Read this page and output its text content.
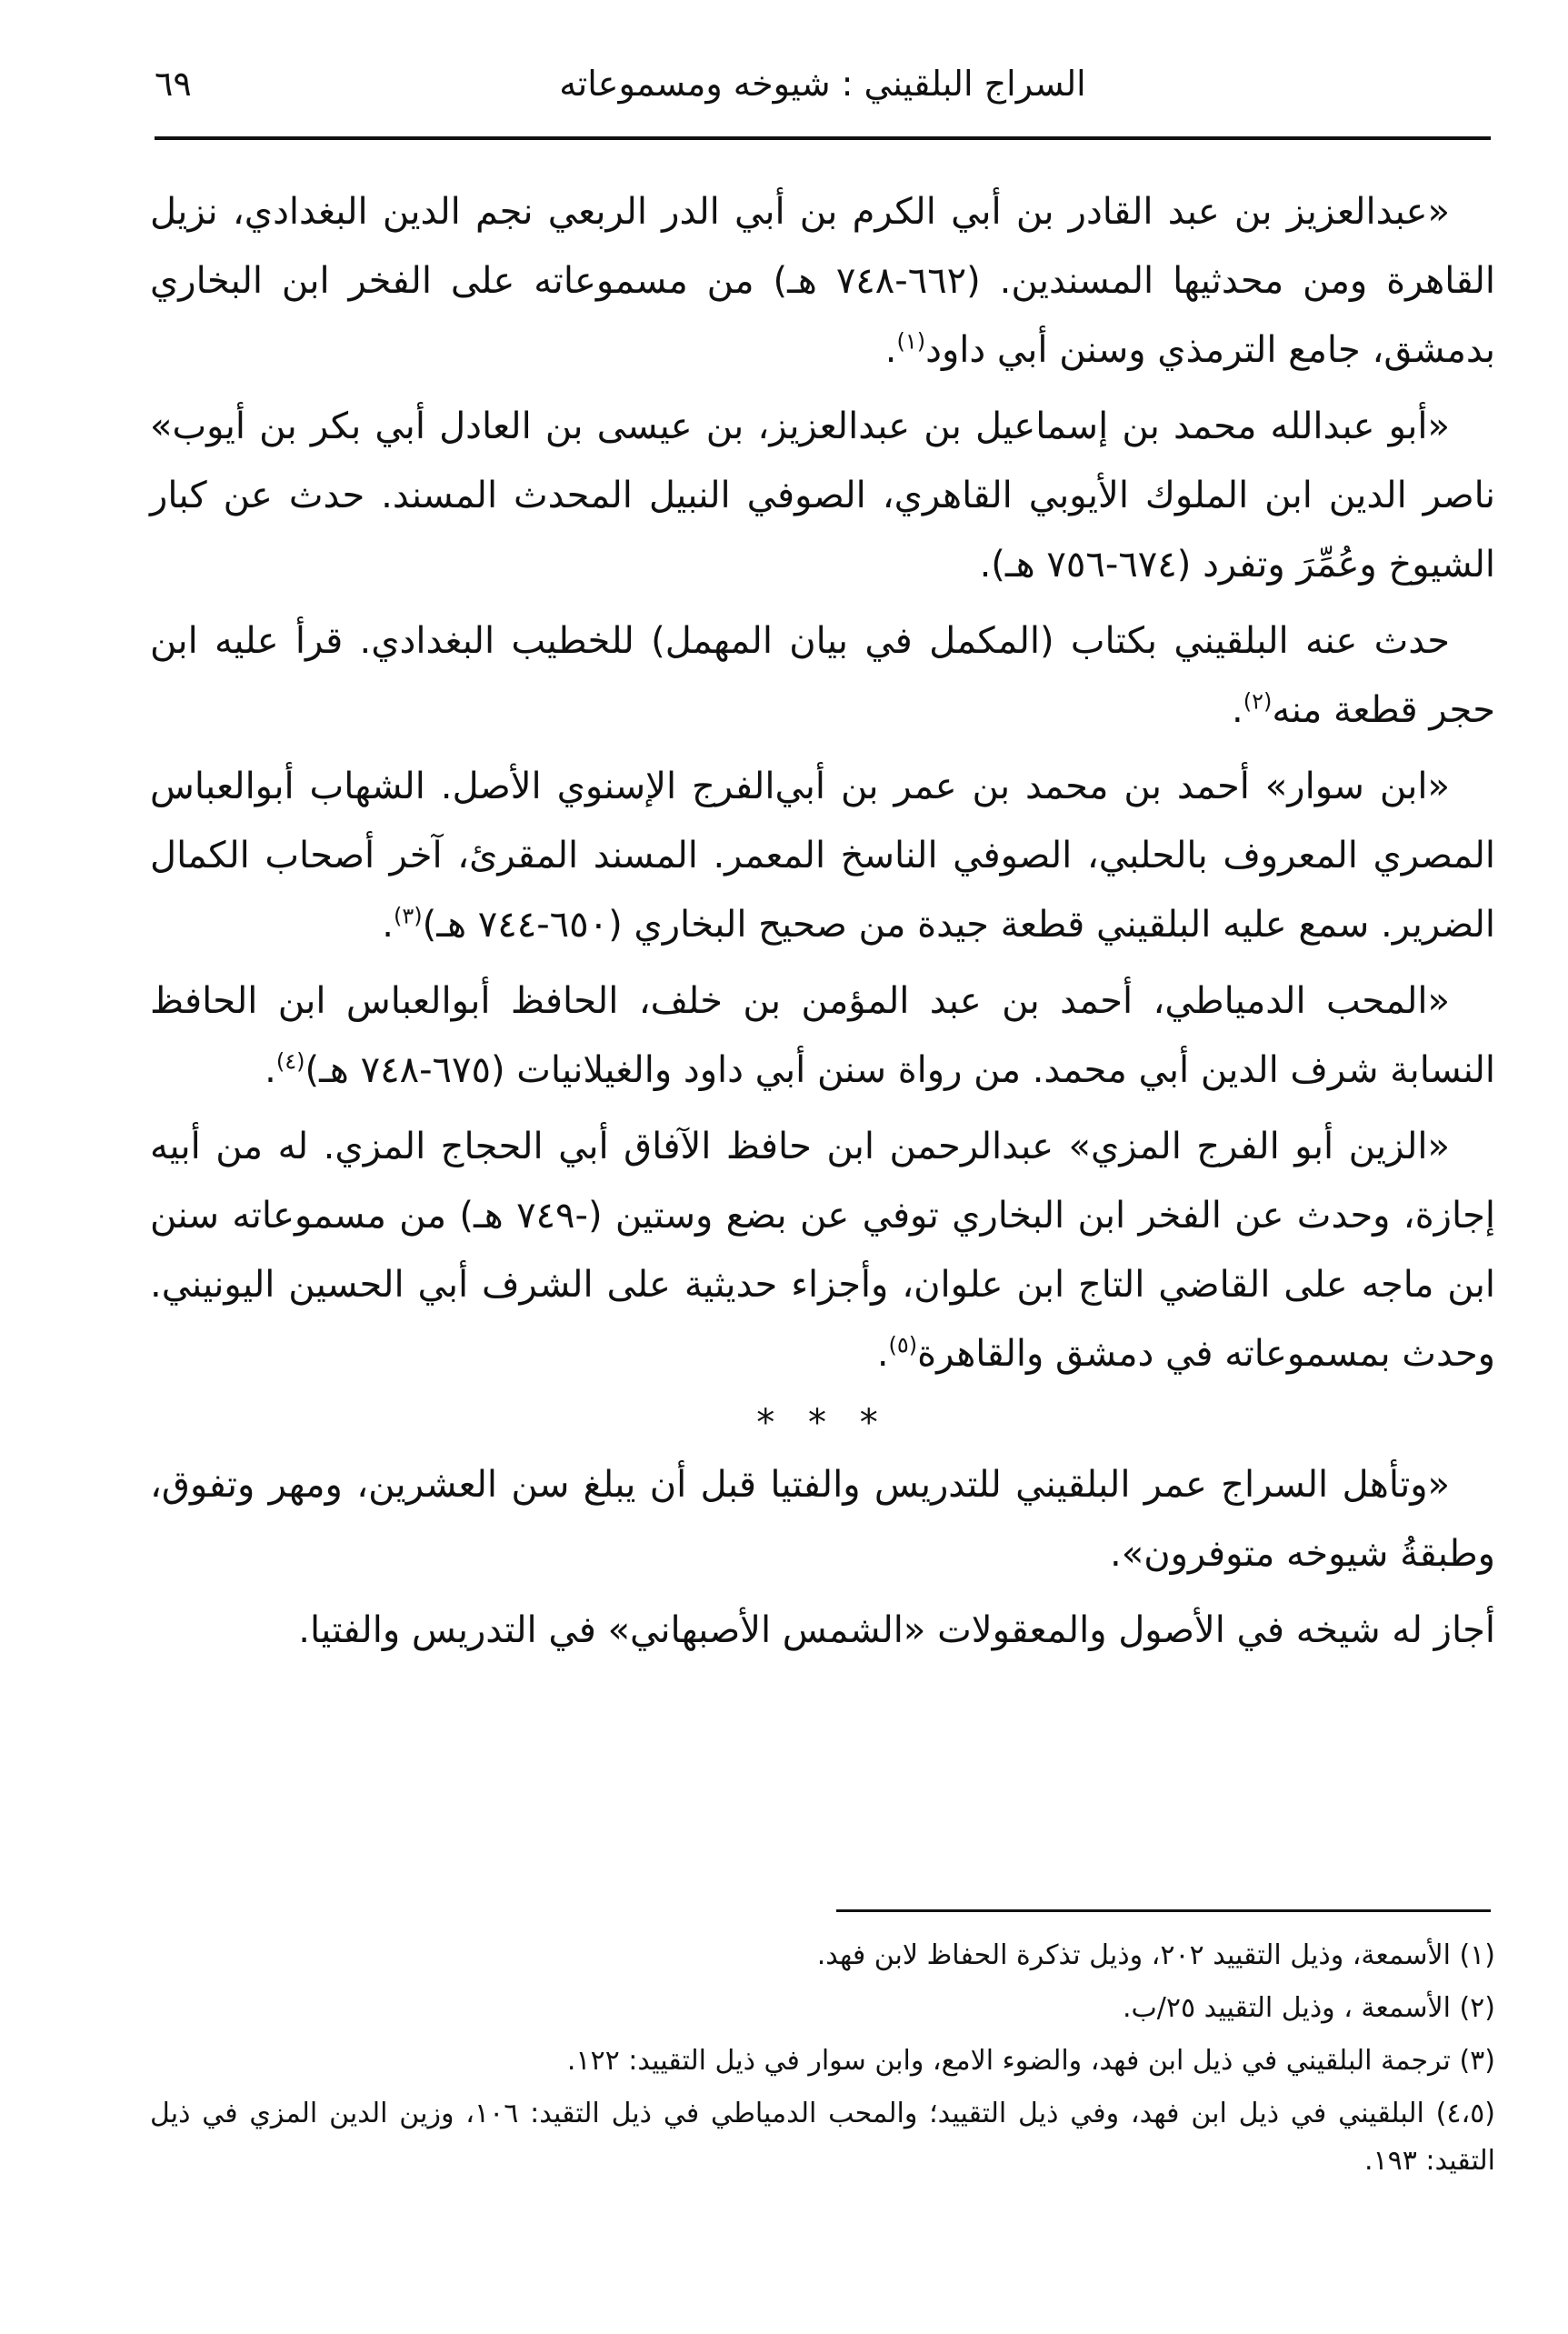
السراج البلقيني : شيوخه ومسموعاته
٦٩

«عبدالعزيز بن عبد القادر بن أبي الكرم بن أبي الدر الربعي نجم الدين البغدادي، نزيل القاهرة ومن محدثيها المسندين. (٦٦٢-٧٤٨ هـ) من مسموعاته على الفخر ابن البخاري بدمشق، جامع الترمذي وسنن أبي داود$^{(١)}$.

«أبو عبدالله محمد بن إسماعيل بن عبدالعزيز، بن عيسى بن العادل أبي بكر بن أيوب» ناصر الدين ابن الملوك الأيوبي القاهري، الصوفي النبيل المحدث المسند. حدث عن كبار الشيوخ وعُمِّرَ وتفرد (٦٧٤-٧٥٦ هـ).

حدث عنه البلقيني بكتاب (المكمل في بيان المهمل) للخطيب البغدادي. قرأ عليه ابن حجر قطعة منه$^{(٢)}$.

«ابن سوار» أحمد بن محمد بن عمر بن أبي‌الفرج الإسنوي الأصل. الشهاب أبوالعباس المصري المعروف بالحلبي، الصوفي الناسخ المعمر. المسند المقرئ، آخر أصحاب الكمال الضرير. سمع عليه البلقيني قطعة جيدة من صحيح البخاري (٦٥٠-٧٤٤ هـ)$^{(٣)}$.

«المحب الدمياطي، أحمد بن عبد المؤمن بن خلف، الحافظ أبوالعباس ابن الحافظ النسابة شرف الدين أبي محمد. من رواة سنن أبي داود والغيلانيات (٦٧٥-٧٤٨ هـ)$^{(٤)}$.

«الزين أبو الفرج المزي» عبدالرحمن ابن حافظ الآفاق أبي الحجاج المزي. له من أبيه إجازة، وحدث عن الفخر ابن البخاري توفي عن بضع وستين (-٧٤٩ هـ) من مسموعاته سنن ابن ماجه على القاضي التاج ابن علوان، وأجزاء حديثية على الشرف أبي الحسين اليونيني. وحدث بمسموعاته في دمشق والقاهرة$^{(٥)}$.

* * *

«وتأهل السراج عمر البلقيني للتدريس والفتيا قبل أن يبلغ سن العشرين، ومهر وتفوق، وطبقةُ شيوخه متوفرون».

أجاز له شيخه في الأصول والمعقولات «الشمس الأصبهاني» في التدريس والفتيا.

(١) الأسمعة، وذيل التقييد ٢٠٢، وذيل تذكرة الحفاظ لابن فهد.

(٢) الأسمعة ، وذيل التقييد ٢٥/ب.

(٣) ترجمة البلقيني في ذيل ابن فهد، والضوء الامع، وابن سوار في ذيل التقييد: ١٢٢.

(٤،٥) البلقيني في ذيل ابن فهد، وفي ذيل التقييد؛ والمحب الدمياطي في ذيل التقيد: ١٠٦، وزين الدين المزي في ذيل التقيد: ١٩٣.
